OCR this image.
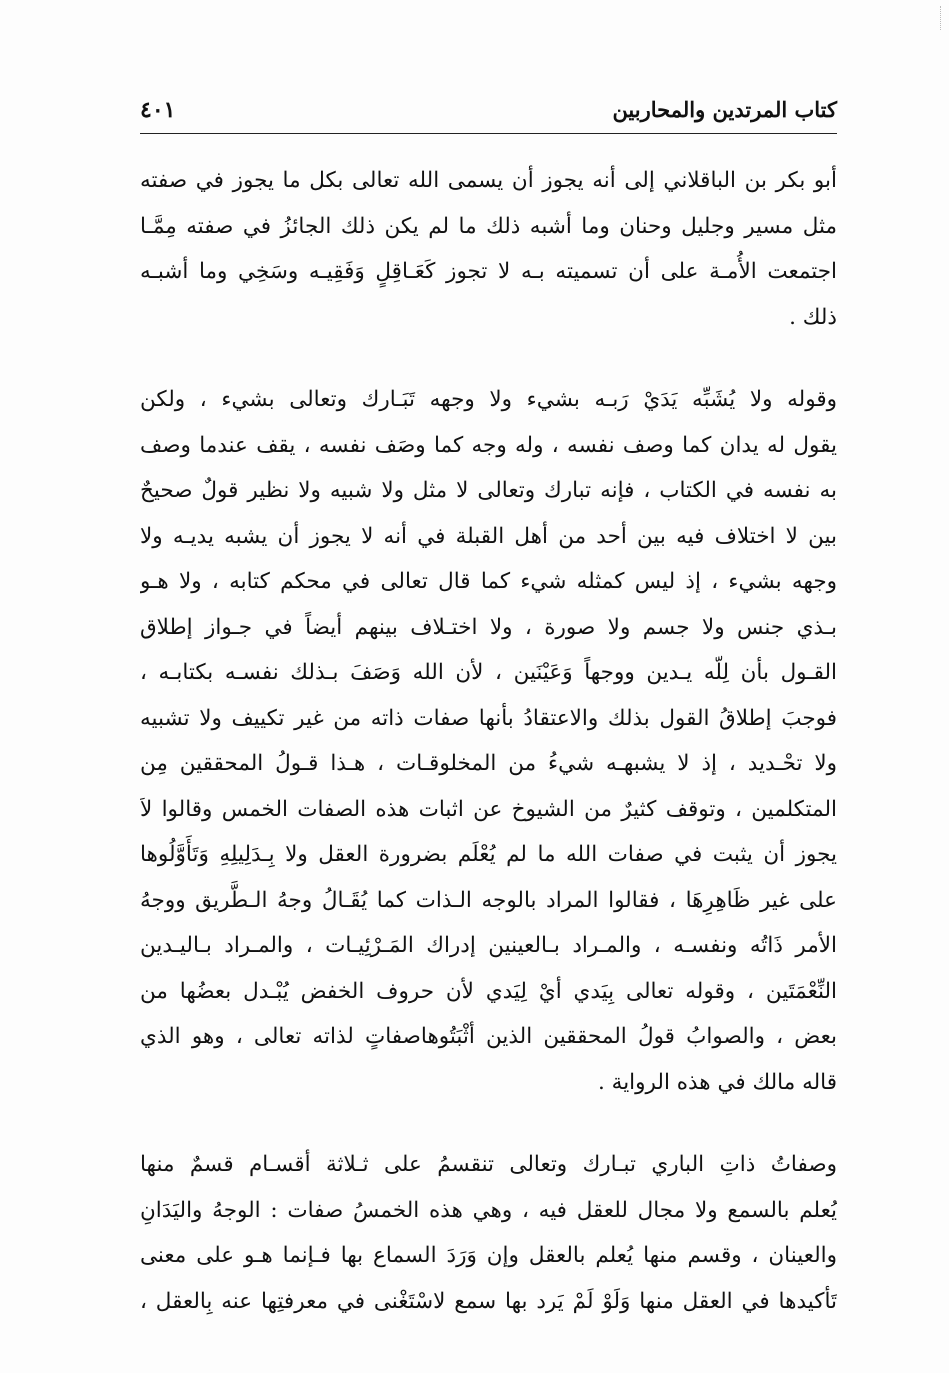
كتاب المرتدين والمحاربين
٤٠١
أبو بكر بن الباقلاني إلى أنه يجوز أن يسمى الله تعالى بكل ما يجوز في صفته
مثل مسير وجليل وحنان وما أشبه ذلك ما لم يكن ذلك الجائزُ في صفته مِمَّـا
اجتمعت الأُمـة على أن تسميته بـه لا تجوز كَعَـاقِلٍ وَفَقِيـه وسَخِي وما أشبـه
ذلك .
وقوله ولا يُشَبِّه يَدَيْ رَبـه بشيء ولا وجهه تَبَـارك وتعالى بشيء ، ولكن
يقول له يدان كما وصف نفسه ، وله وجه كما وصَف نفسه ، يقف عندما وصف
به نفسه في الكتاب ، فإنه تبارك وتعالى لا مثل ولا شبيه ولا نظير قولٌ صحيحٌ
بين لا اختلاف فيه بين أحد من أهل القبلة في أنه لا يجوز أن يشبه يديـه ولا
وجهه بشيء ، إذ ليس كمثله شيء كما قال تعالى في محكم كتابه ، ولا هـو
بـذي جنس ولا جسم ولا صورة ، ولا اختـلاف بينهم أيضاً في جـواز إطلاق
القـول بأن لِلّه يـدين ووجهاً وَعَيْنَين ، لأن الله وَصَفَ بـذلك نفسـه بكتابـه ،
فوجبَ إطلاقُ القول بذلك والاعتقادُ بأنها صفات ذاته من غير تكييف ولا تشبيه
ولا تحْـديد ، إذ لا يشبهـه شيءُ من المخلوقـات ، هـذا قـولُ المحققين مِن
المتكلمين ، وتوقف كثيرٌ من الشيوخ عن اثبات هذه الصفات الخمس وقالوا لاَ
يجوز أن يثبت في صفات الله ما لم يُعْلَم بضرورة العقل ولا بِـدَلِيلِهِ وَتَأَوَّلُوها
على غير ظَاهِرِهَا ، فقالوا المراد بالوجه الـذات كما يُقَـالُ وجهُ الـطَّريق ووجهُ
الأمر ذَاتُه ونفسـه ، والمـراد بـالعينين إدراك المَـرْئِيـات ، والمـراد بـاليـدين
النِّعْمَتَين ، وقوله تعالى بِيَدي أيْ لِيَدي لأن حروف الخفض يُبْـدل بعضُها من
بعض ، والصوابُ قولُ المحققين الذين أثْبَتُوهاصفاتٍ لذاته تعالى ، وهو الذي
قاله مالك في هذه الرواية .
وصفاتُ ذاتِ الباري تبـارك وتعالى تنقسمُ على ثـلاثة أقسـام قسمٌ منها
يُعلم بالسمع ولا مجال للعقل فيه ، وهي هذه الخمسُ صفات : الوجهُ واليَدَانِ
والعينان ، وقسم منها يُعلم بالعقل وإن وَرَدَ السماع بها فـإنما هـو على معنى
تَأكيدها في العقل منها وَلَوْ لَمْ يَرد بها سمع لاسْتَغْنى في معرفتِها عنه بِالعقل ،
